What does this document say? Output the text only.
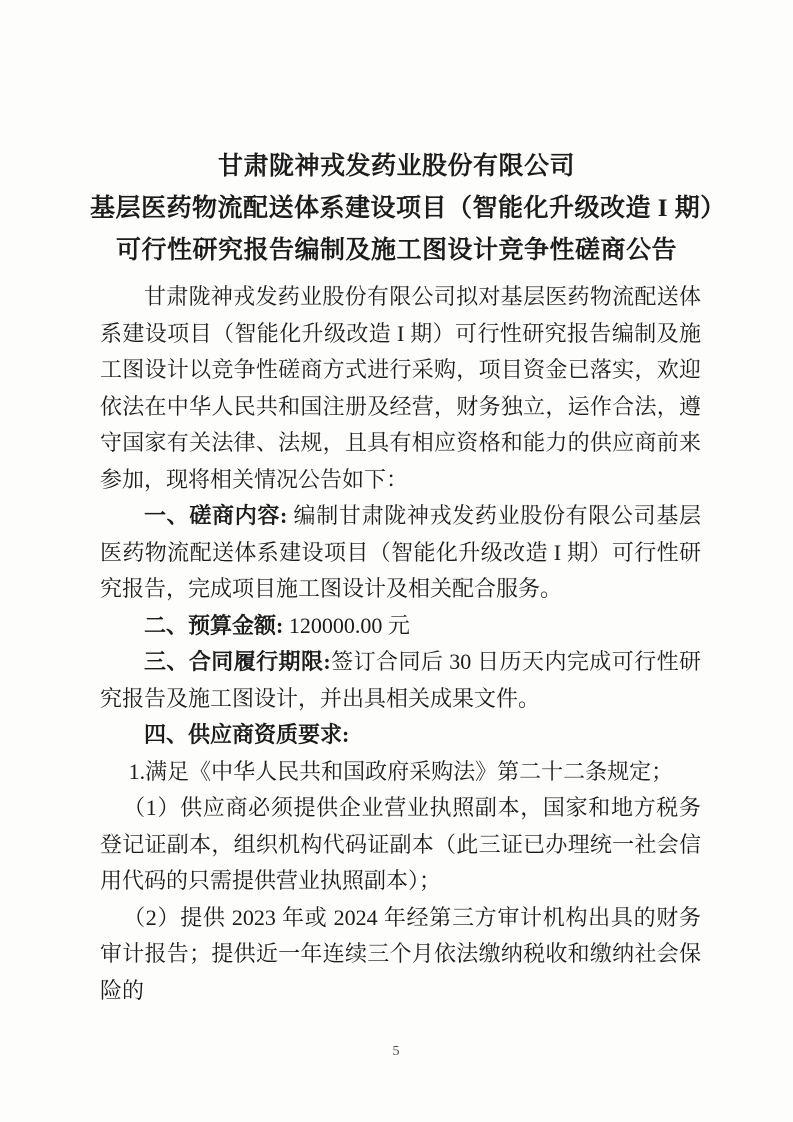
甘肃陇神戎发药业股份有限公司
基层医药物流配送体系建设项目（智能化升级改造 I 期）
可行性研究报告编制及施工图设计竞争性磋商公告

甘肃陇神戎发药业股份有限公司拟对基层医药物流配送体系建设项目（智能化升级改造 I 期）可行性研究报告编制及施工图设计以竞争性磋商方式进行采购，项目资金已落实，欢迎依法在中华人民共和国注册及经营，财务独立，运作合法，遵守国家有关法律、法规，且具有相应资格和能力的供应商前来参加，现将相关情况公告如下：

一、磋商内容: 编制甘肃陇神戎发药业股份有限公司基层医药物流配送体系建设项目（智能化升级改造 I 期）可行性研究报告，完成项目施工图设计及相关配合服务。

二、预算金额: 120000.00 元

三、合同履行期限:签订合同后 30 日历天内完成可行性研究报告及施工图设计，并出具相关成果文件。

四、供应商资质要求:

1.满足《中华人民共和国政府采购法》第二十二条规定；

（1）供应商必须提供企业营业执照副本，国家和地方税务登记证副本，组织机构代码证副本（此三证已办理统一社会信用代码的只需提供营业执照副本）；

（2）提供 2023 年或 2024 年经第三方审计机构出具的财务审计报告；提供近一年连续三个月依法缴纳税收和缴纳社会保险的

5
